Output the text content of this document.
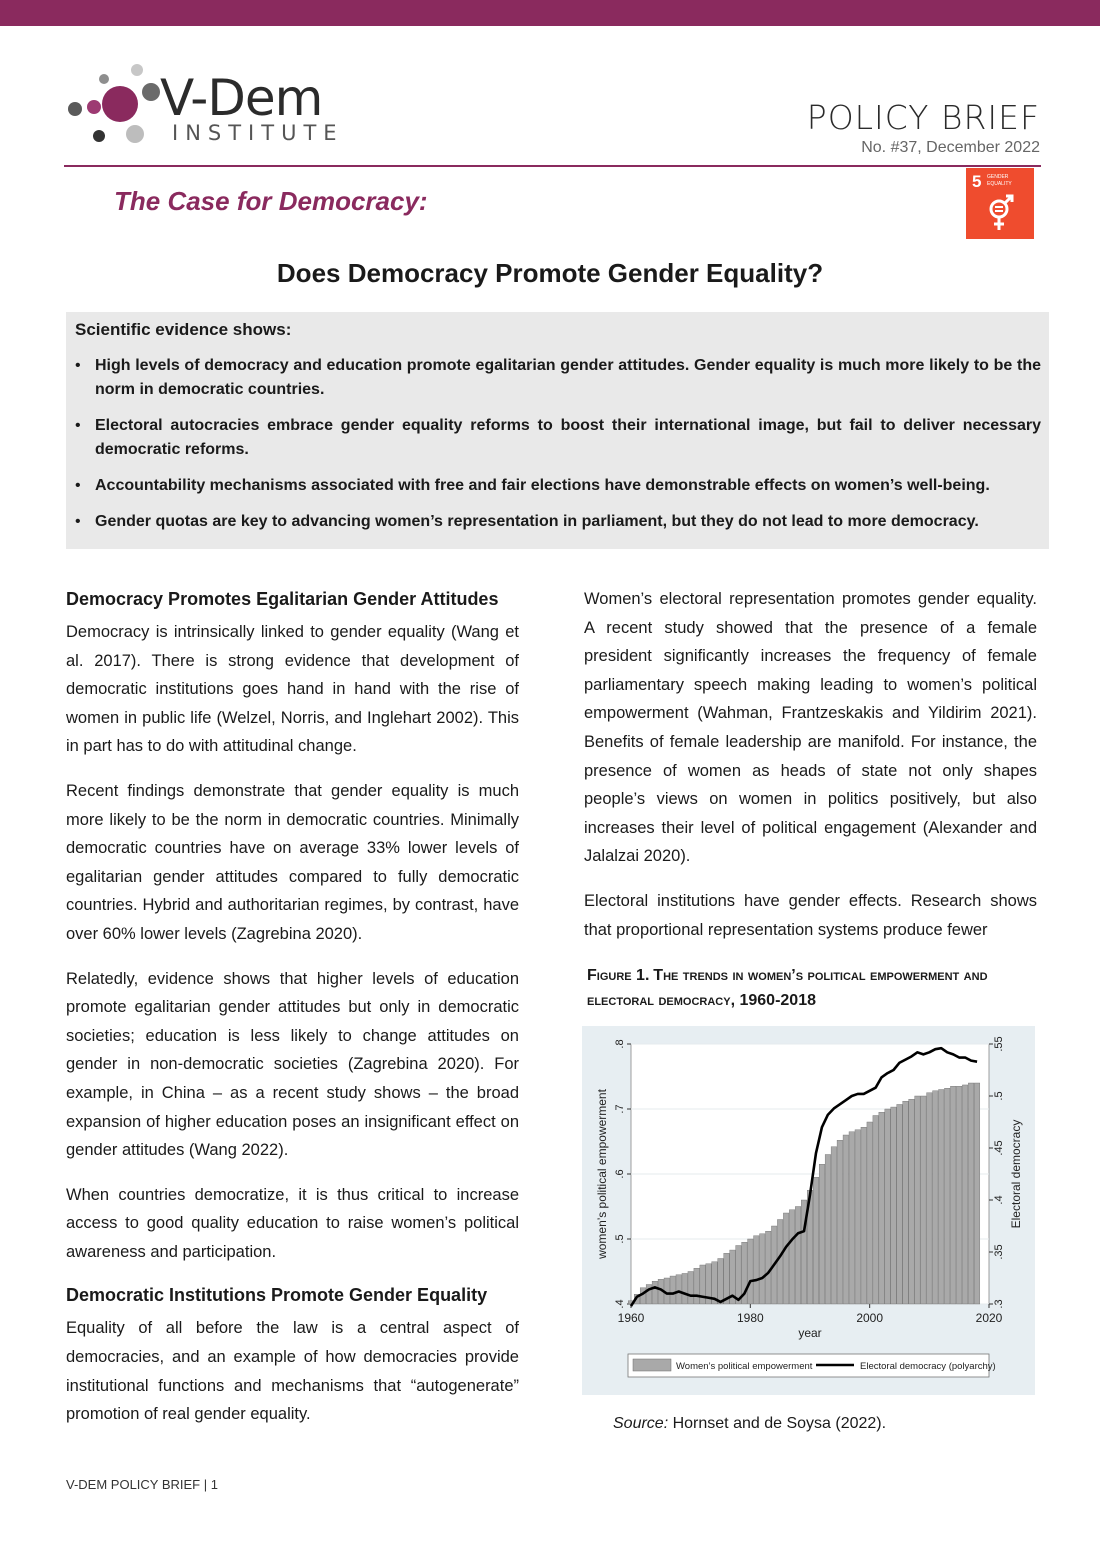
V-Dem
INSTITUTE	POLICY BRIEF
No. #37, December 2022
The Case for Democracy:
5 GENDER
EQUALITY
Does Democracy Promote Gender Equality?
Scientific evidence shows:
• High levels of democracy and education promote egalitarian gender attitudes. Gender equality is much more likely to be the norm in democratic countries.
• Electoral autocracies embrace gender equality reforms to boost their international image, but fail to deliver necessary democratic reforms.
• Accountability mechanisms associated with free and fair elections have demonstrable effects on women’s well-being.
• Gender quotas are key to advancing women’s representation in parliament, but they do not lead to more democracy.
Democracy Promotes Egalitarian Gender Attitudes

Democracy is intrinsically linked to gender equality (Wang et al. 2017). There is strong evidence that development of democratic institutions goes hand in hand with the rise of women in public life (Welzel, Norris, and Inglehart 2002). This in part has to do with attitudinal change.

Recent findings demonstrate that gender equality is much more likely to be the norm in democratic countries. Minimally democratic countries have on average 33% lower levels of egalitarian gender attitudes compared to fully democratic countries. Hybrid and authoritarian regimes, by contrast, have over 60% lower levels (Zagrebina 2020).

Relatedly, evidence shows that higher levels of education promote egalitarian gender attitudes but only in democratic societies; education is less likely to change attitudes on gender in non-democratic societies (Zagrebina 2020). For example, in China – as a recent study shows – the broad expansion of higher education poses an insignificant effect on gender attitudes (Wang 2022).

When countries democratize, it is thus critical to increase access to good quality education to raise women’s political awareness and participation.

Democratic Institutions Promote Gender Equality

Equality of all before the law is a central aspect of democracies, and an example of how democracies provide institutional functions and mechanisms that “autogenerate” promotion of real gender equality.

Women’s electoral representation promotes gender equality. A recent study showed that the presence of a female president significantly increases the frequency of female parliamentary speech making leading to women’s political empowerment (Wahman, Frantzeskakis and Yildirim 2021). Benefits of female leadership are manifold. For instance, the presence of women as heads of state not only shapes people’s views on women in politics positively, but also increases their level of political engagement (Alexander and Jalalzai 2020).

Electoral institutions have gender effects. Research shows that proportional representation systems produce fewer

Figure 1. The trends in women’s political empowerment and electoral democracy, 1960-2018
.4
.5
.6
.7
.8
.3
.35
.4
.45
.5
.55
1960	1980	2000	2020
year
women’s political empowerment	Electoral democracy
Women’s political empowerment	Electoral democracy (polyarchy)
Source: Hornset and de Soysa (2022).
V-DEM POLICY BRIEF | 1
